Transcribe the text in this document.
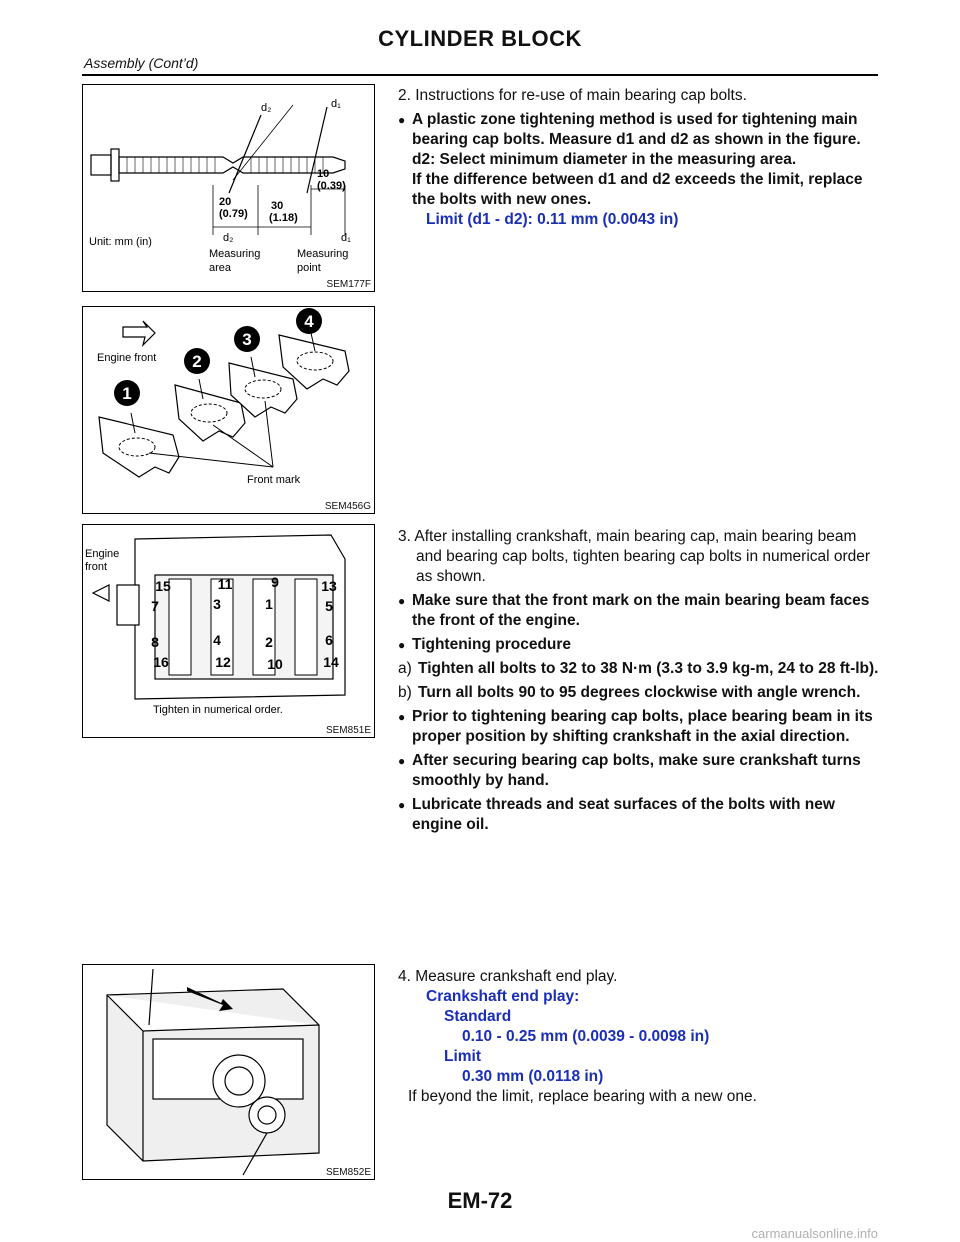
CYLINDER BLOCK
Assembly (Cont’d)
d₂	d₁
10
(0.39)
20
(0.79)
30
(1.18)
Unit: mm (in)	d₂	d₁
Measuring
area
Measuring
point
SEM177F
1
2
3
4
Engine front
Front mark
SEM456G
15	11	9	13
7	3	1	5
8	4	2	6
16	12	10	14
Engine
front
Tighten in numerical order.
SEM851E
SEM852E

2. Instructions for re-use of main bearing cap bolts.

● A plastic zone tightening method is used for tightening main bearing cap bolts. Measure d1 and d2 as shown in the figure.

d2: Select minimum diameter in the measuring area.

If the difference between d1 and d2 exceeds the limit, replace the bolts with new ones.

Limit (d1 - d2): 0.11 mm (0.0043 in)

3. After installing crankshaft, main bearing cap, main bearing beam and bearing cap bolts, tighten bearing cap bolts in numerical order as shown.

● Make sure that the front mark on the main bearing beam faces the front of the engine.

● Tightening procedure

a) Tighten all bolts to 32 to 38 N·m (3.3 to 3.9 kg-m, 24 to 28 ft-lb).

b) Turn all bolts 90 to 95 degrees clockwise with angle wrench.

● Prior to tightening bearing cap bolts, place bearing beam in its proper position by shifting crankshaft in the axial direction.

● After securing bearing cap bolts, make sure crankshaft turns smoothly by hand.

● Lubricate threads and seat surfaces of the bolts with new engine oil.

4. Measure crankshaft end play.

Crankshaft end play:

Standard

0.10 - 0.25 mm (0.0039 - 0.0098 in)

Limit

0.30 mm (0.0118 in)

If beyond the limit, replace bearing with a new one.

EM-72
carmanualsonline.info
